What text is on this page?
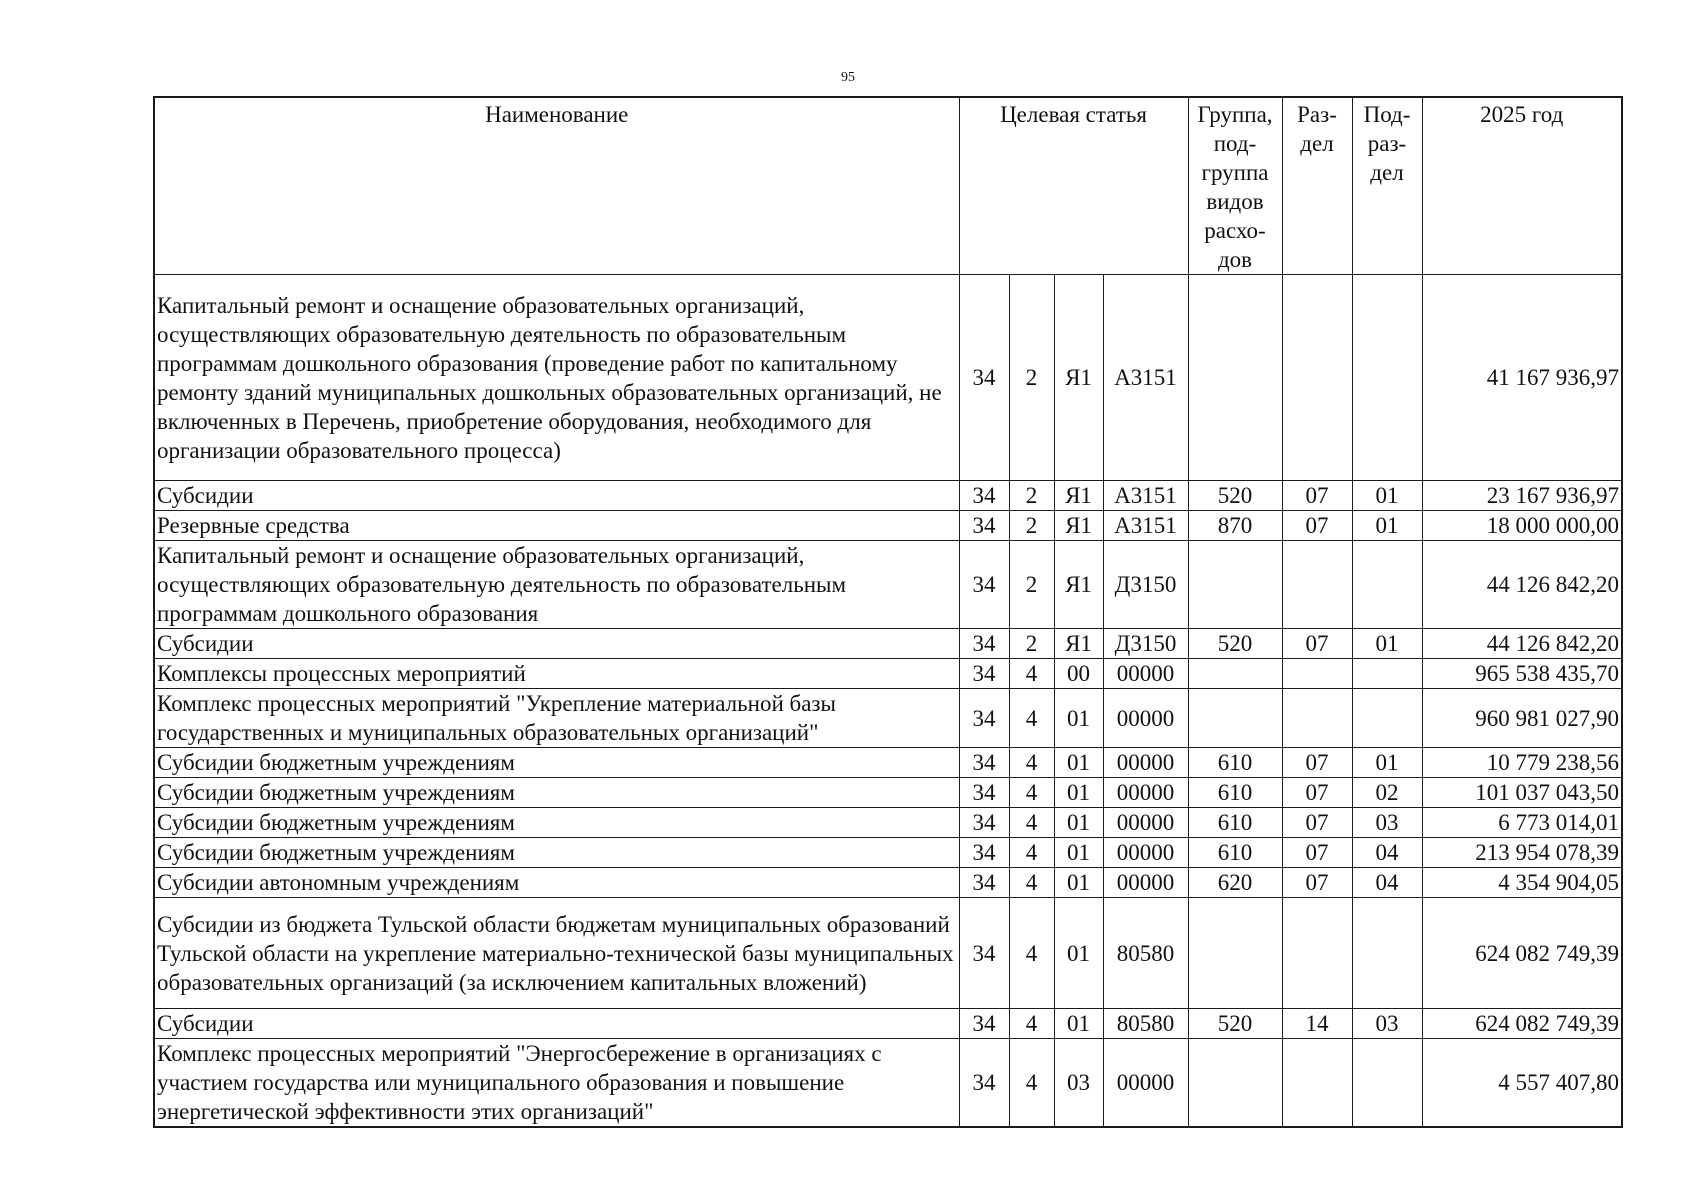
95
Наименование	Целевая статья				Группа, под-группа видов расхо-дов	Раз-дел	Под-раз-дел	2025 год
Капитальный ремонт и оснащение образовательных организаций, осуществляющих образовательную деятельность по образовательным программам дошкольного образования (проведение работ по капитальному ремонту зданий муниципальных дошкольных образовательных организаций, не включенных в Перечень, приобретение оборудования, необходимого для организации образовательного процесса)	34	2	Я1	А3151				41 167 936,97
Субсидии	34	2	Я1	А3151	520	07	01	23 167 936,97
Резервные средства	34	2	Я1	А3151	870	07	01	18 000 000,00
Капитальный ремонт и оснащение образовательных организаций, осуществляющих образовательную деятельность по образовательным программам дошкольного образования	34	2	Я1	Д3150				44 126 842,20
Субсидии	34	2	Я1	Д3150	520	07	01	44 126 842,20
Комплексы процессных мероприятий	34	4	00	00000				965 538 435,70
Комплекс процессных мероприятий "Укрепление материальной базы государственных и муниципальных образовательных организаций"	34	4	01	00000				960 981 027,90
Субсидии бюджетным учреждениям	34	4	01	00000	610	07	01	10 779 238,56
Субсидии бюджетным учреждениям	34	4	01	00000	610	07	02	101 037 043,50
Субсидии бюджетным учреждениям	34	4	01	00000	610	07	03	6 773 014,01
Субсидии бюджетным учреждениям	34	4	01	00000	610	07	04	213 954 078,39
Субсидии автономным учреждениям	34	4	01	00000	620	07	04	4 354 904,05
Субсидии из бюджета Тульской области бюджетам муниципальных образований Тульской области на укрепление материально-технической базы муниципальных образовательных организаций (за исключением капитальных вложений)	34	4	01	80580				624 082 749,39
Субсидии	34	4	01	80580	520	14	03	624 082 749,39
Комплекс процессных мероприятий "Энергосбережение в организациях с участием государства или муниципального образования и повышение энергетической эффективности этих организаций"	34	4	03	00000				4 557 407,80
